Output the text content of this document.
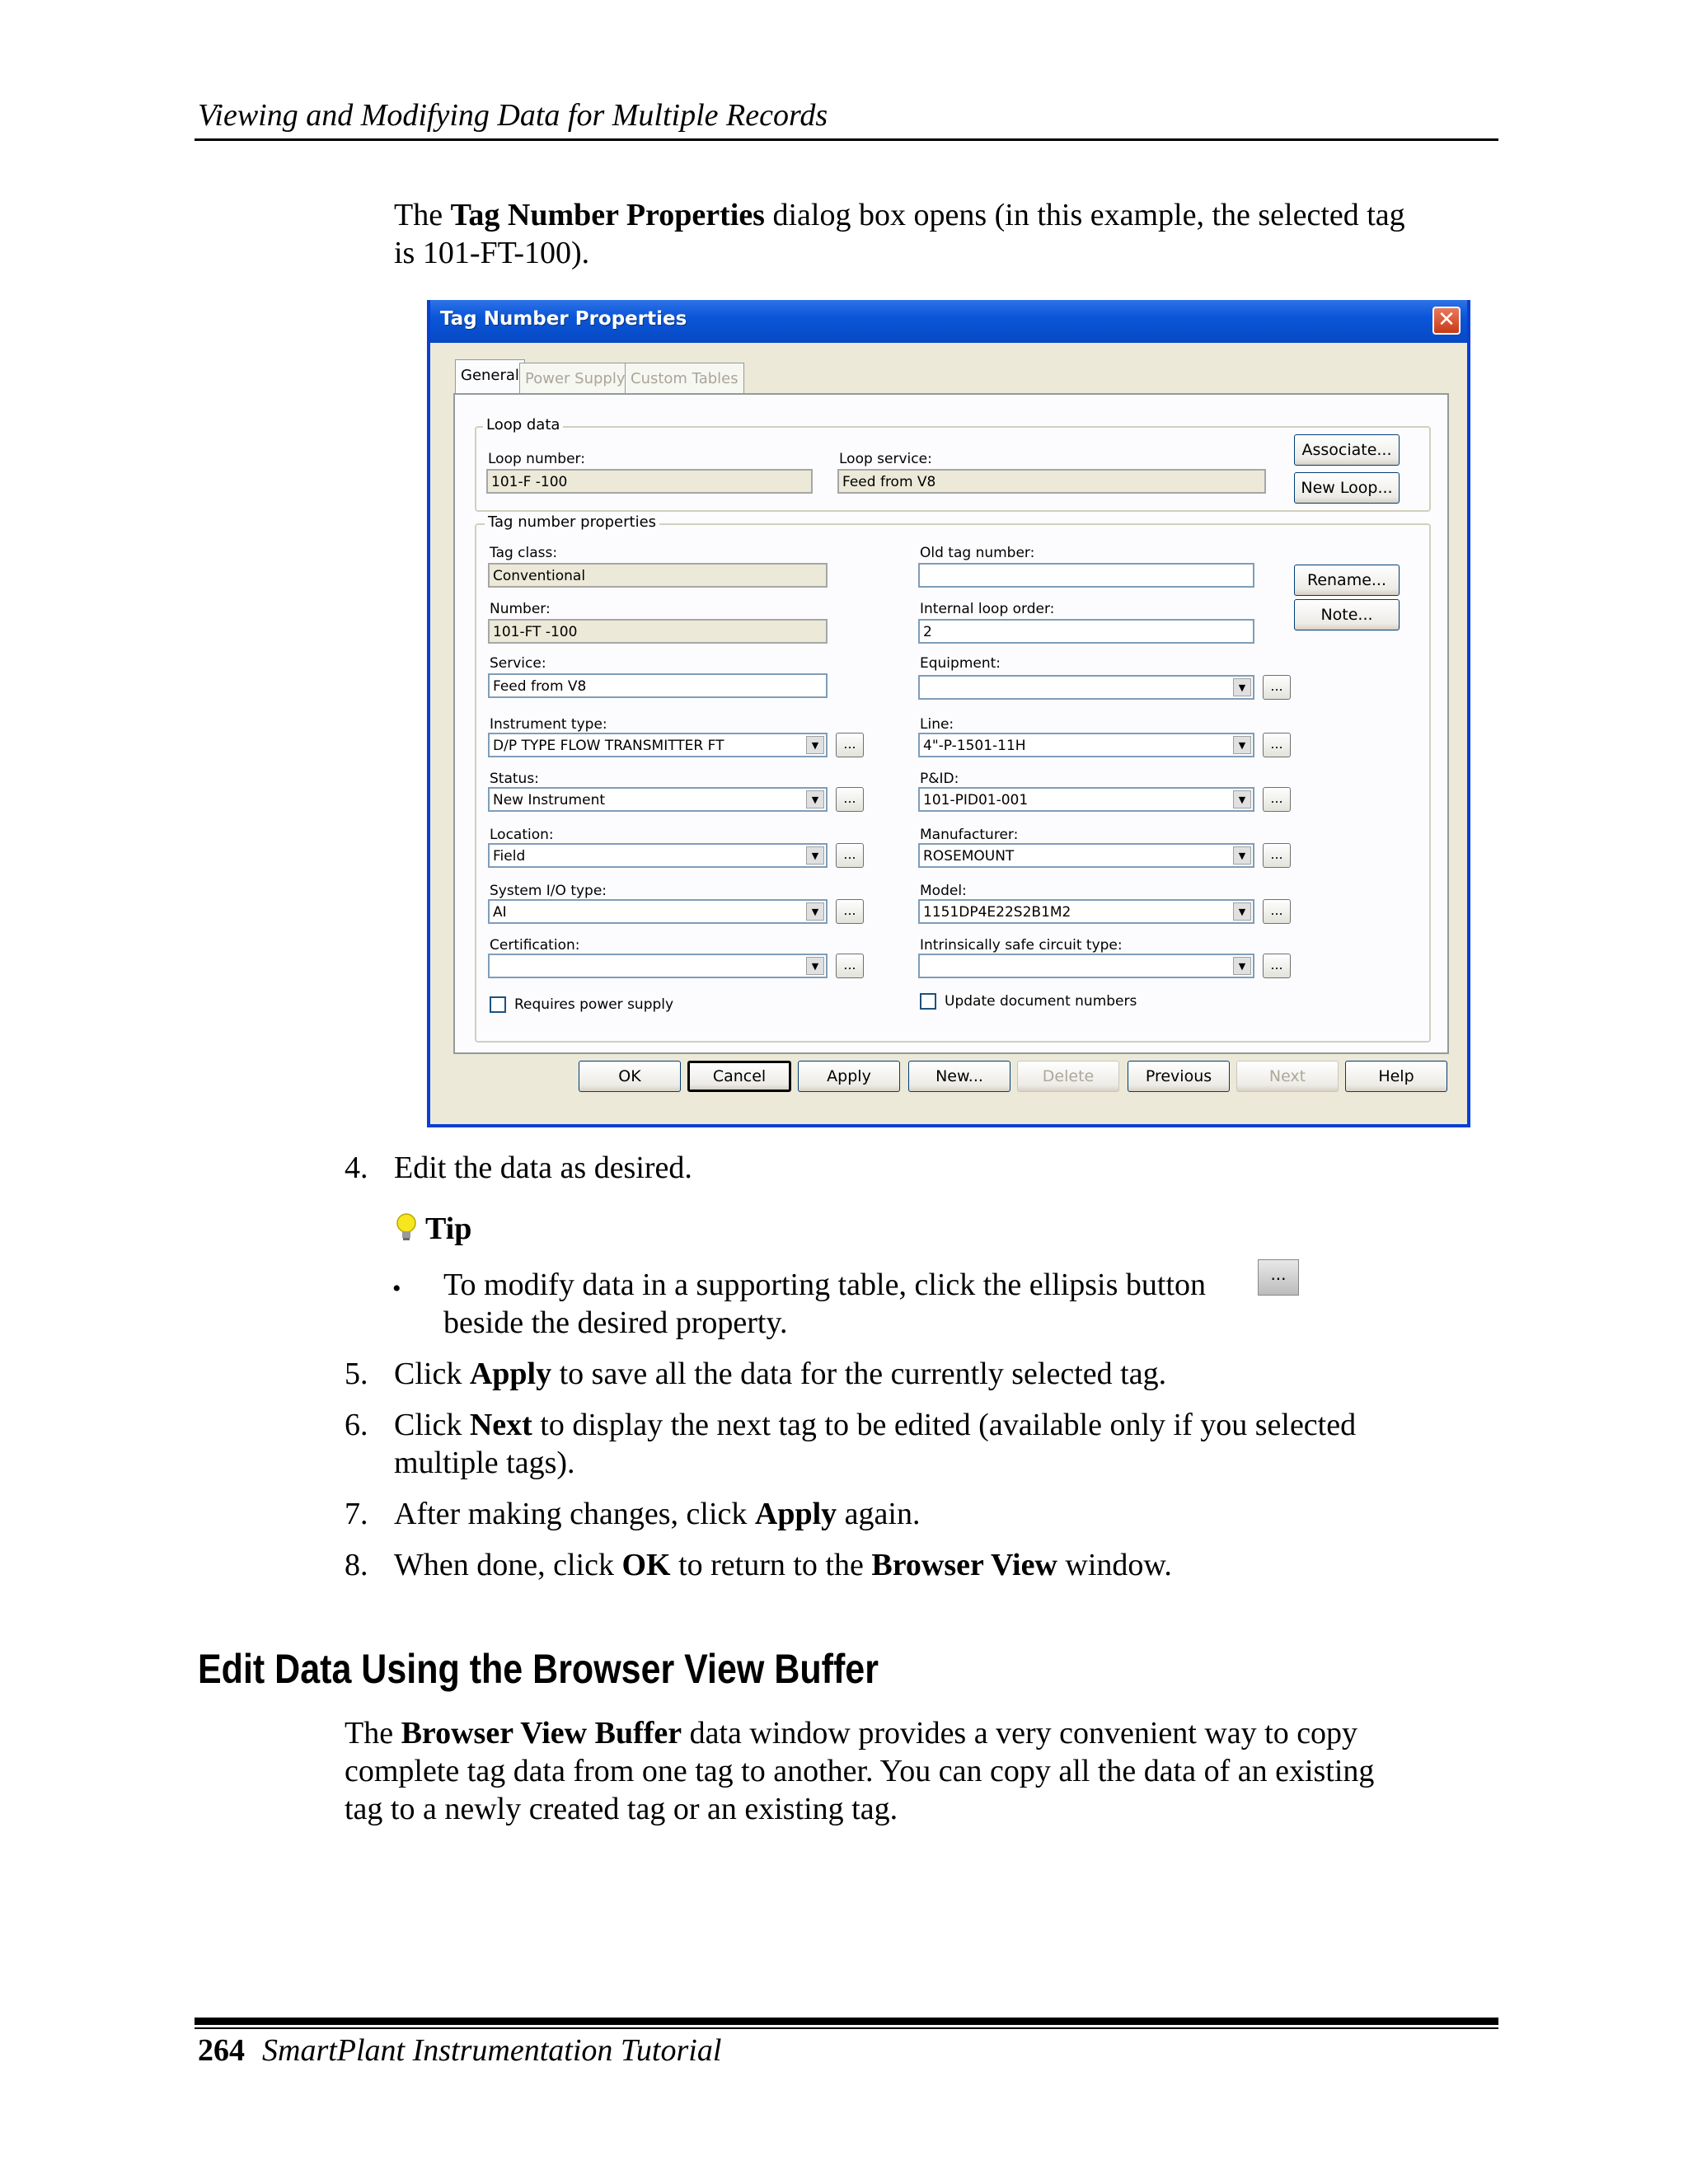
Viewing and Modifying Data for Multiple Records
The Tag Number Properties dialog box opens (in this example, the selected tag
is 101-FT-100).
Tag Number Properties	✕
General Power Supply Custom Tables
Loop data
Loop number:
101-F -100
Loop service:
Feed from V8
Associate...
New Loop...
Tag number properties
Tag class:
Conventional
Number:
101-FT -100
Service:
Feed from V8
Instrument type:
D/P TYPE FLOW TRANSMITTER FT	▼	...
Status:
New Instrument	▼	...
Location:
Field	▼	...
System I/O type:
AI	▼	...
Certification:
▼	...
Requires power supply
Old tag number:
Rename...
Internal loop order:
2
Note...
Equipment:
▼	...
Line:
4"-P-1501-11H	▼	...
P&ID:
101-PID01-001	▼	...
Manufacturer:
ROSEMOUNT	▼	...
Model:
1151DP4E22S2B1M2	▼	...
Intrinsically safe circuit type:
▼	...
Update document numbers
OK	Cancel	Apply	New...	Delete	Previous	Next	Help
4. Edit the data as desired.
Tip
• To modify data in a supporting table, click the ellipsis button	...
beside the desired property.
5. Click Apply to save all the data for the currently selected tag.
6. Click Next to display the next tag to be edited (available only if you selected
multiple tags).
7. After making changes, click Apply again.
8. When done, click OK to return to the Browser View window.
Edit Data Using the Browser View Buffer
The Browser View Buffer data window provides a very convenient way to copy
complete tag data from one tag to another. You can copy all the data of an existing
tag to a newly created tag or an existing tag.
264 SmartPlant Instrumentation Tutorial
